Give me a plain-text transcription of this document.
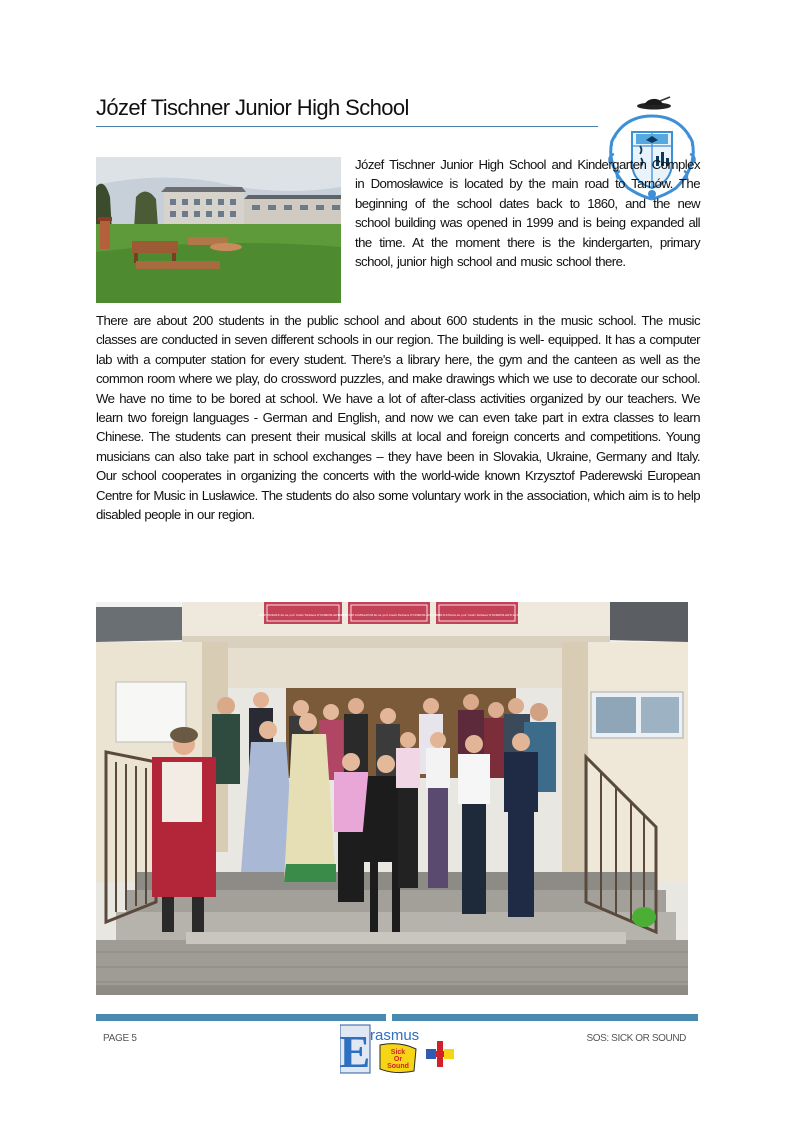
Józef Tischner Junior High School

Józef Tischner Junior High School and Kindergarten Complex in Domosławice is located by the main road to Tarnów. The beginning of the school dates back to 1860, and the new school building was opened in 1999 and is being expanded all the time. At the moment there is the kindergarten, primary school, junior high school and music school there.

There are about 200 students in the public school and about 600 students in the music school. The music classes are conducted in seven different schools in our region. The building is well- equipped. It has a computer lab with a computer station for every student. There's a library here, the gym and the canteen as well as the common room where we play, do crossword puzzles, and make drawings which we use to decorate our school. We have no time to be bored at school. We have a lot of after-class activities organized by our teachers. We learn two foreign languages - German and English, and now we can even take part in extra classes to learn Chinese. The students can present their musical skills at local and foreign concerts and competitions. Young musicians can also take part in school exchanges – they have been in Slovakia, Ukraine, Germany and Italy. Our school cooperates in organizing the concerts with the world-wide known Krzysztof Paderewski European Centre for Music in Lusławice. The students do also some voluntary work in the association, which aim is to help disabled people in our region.

PRZEDSZKOLE im. ks. prof. Józefa Tischnera W DOMOSŁAWICACH
PUBLICZNE GIMNAZJUM im. ks. prof. Józefa Tischnera W DOMOSŁAWICACH
PUBLICZNA im. ks. prof. Józefa Tischnera W DOMOSŁAWICACH
PAGE 5	SOS: SICK OR SOUND
E rasmus
Sick
Or
Sound
